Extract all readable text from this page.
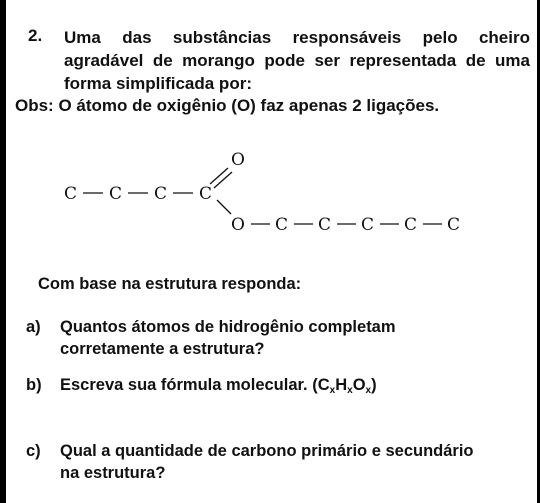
2. Uma das substâncias responsáveis pelo cheiro
agradável de morango pode ser representada de uma
forma simplificada por:
Obs: O átomo de oxigênio (O) faz apenas 2 ligações.
C C C C
O
O C C C C C
Com base na estrutura responda:
a) Quantos átomos de hidrogênio completam
corretamente a estrutura?
b) Escreva sua fórmula molecular. $(C_xH_xO_x)$
c) Qual a quantidade de carbono primário e secundário
na estrutura?
